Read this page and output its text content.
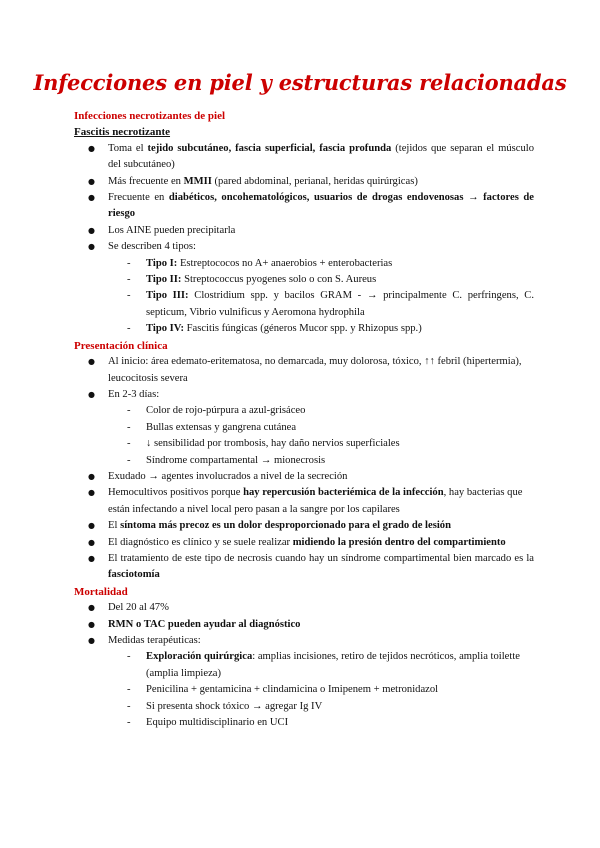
Infecciones en piel y estructuras relacionadas

Infecciones necrotizantes de piel

Fascitis necrotizante

● Toma el tejido subcutáneo, fascia superficial, fascia profunda (tejidos que separan el músculo del subcutáneo)
● Más frecuente en MMII (pared abdominal, perianal, heridas quirúrgicas)
● Frecuente en diabéticos, oncohematológicos, usuarios de drogas endovenosas → factores de riesgo
● Los AINE pueden precipitarla
● Se describen 4 tipos:
- Tipo I: Estreptococos no A+ anaerobios + enterobacterias
- Tipo II: Streptococcus pyogenes solo o con S. Aureus
- Tipo III: Clostridium spp. y bacilos GRAM - → principalmente C. perfringens, C. septicum, Vibrio vulnificus y Aeromona hydrophila
- Tipo IV: Fascitis fúngicas (géneros Mucor spp. y Rhizopus spp.)

Presentación clínica

● Al inicio: área edemato-eritematosa, no demarcada, muy dolorosa, tóxico, ↑↑ febril (hipertermia), leucocitosis severa
● En 2-3 días:
- Color de rojo-púrpura a azul-grisáceo
- Bullas extensas y gangrena cutánea
- ↓ sensibilidad por trombosis, hay daño nervios superficiales
- Síndrome compartamental → mionecrosis
● Exudado → agentes involucrados a nivel de la secreción
● Hemocultivos positivos porque hay repercusión bacteriémica de la infección, hay bacterias que están infectando a nivel local pero pasan a la sangre por los capilares
● El síntoma más precoz es un dolor desproporcionado para el grado de lesión
● El diagnóstico es clínico y se suele realizar midiendo la presión dentro del compartimiento
● El tratamiento de este tipo de necrosis cuando hay un síndrome compartimental bien marcado es la fasciotomía

Mortalidad

● Del 20 al 47%
● RMN o TAC pueden ayudar al diagnóstico
● Medidas terapéuticas:
- Exploración quirúrgica: amplias incisiones, retiro de tejidos necróticos, amplia toilette (amplia limpieza)
- Penicilina + gentamicina + clindamicina o Imipenem + metronidazol
- Si presenta shock tóxico → agregar Ig IV
- Equipo multidisciplinario en UCI
